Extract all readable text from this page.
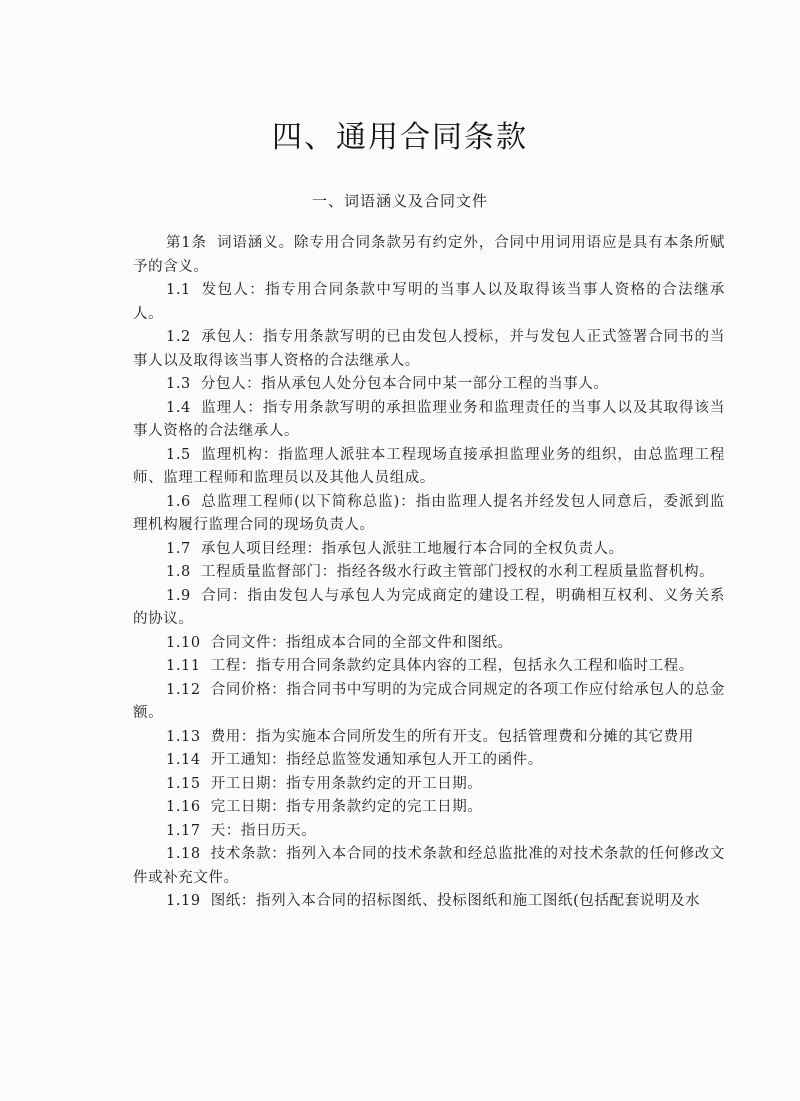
四、通用合同条款
一、词语涵义及合同文件

第1条 词语涵义。除专用合同条款另有约定外，合同中用词用语应是具有本条所赋予的含义。

1.1 发包人：指专用合同条款中写明的当事人以及取得该当事人资格的合法继承人。

1.2 承包人：指专用条款写明的已由发包人授标，并与发包人正式签署合同书的当事人以及取得该当事人资格的合法继承人。

1.3 分包人：指从承包人处分包本合同中某一部分工程的当事人。

1.4 监理人：指专用条款写明的承担监理业务和监理责任的当事人以及其取得该当事人资格的合法继承人。

1.5 监理机构：指监理人派驻本工程现场直接承担监理业务的组织，由总监理工程师、监理工程师和监理员以及其他人员组成。

1.6 总监理工程师(以下简称总监)：指由监理人提名并经发包人同意后，委派到监理机构履行监理合同的现场负责人。

1.7 承包人项目经理：指承包人派驻工地履行本合同的全权负责人。

1.8 工程质量监督部门：指经各级水行政主管部门授权的水利工程质量监督机构。

1.9 合同：指由发包人与承包人为完成商定的建设工程，明确相互权利、义务关系的协议。

1.10 合同文件：指组成本合同的全部文件和图纸。

1.11 工程：指专用合同条款约定具体内容的工程，包括永久工程和临时工程。

1.12 合同价格：指合同书中写明的为完成合同规定的各项工作应付给承包人的总金额。

1.13 费用：指为实施本合同所发生的所有开支。包括管理费和分摊的其它费用

1.14 开工通知：指经总监签发通知承包人开工的函件。

1.15 开工日期：指专用条款约定的开工日期。

1.16 完工日期：指专用条款约定的完工日期。

1.17 天：指日历天。

1.18 技术条款：指列入本合同的技术条款和经总监批准的对技术条款的任何修改文件或补充文件。

1.19 图纸：指列入本合同的招标图纸、投标图纸和施工图纸(包括配套说明及水
